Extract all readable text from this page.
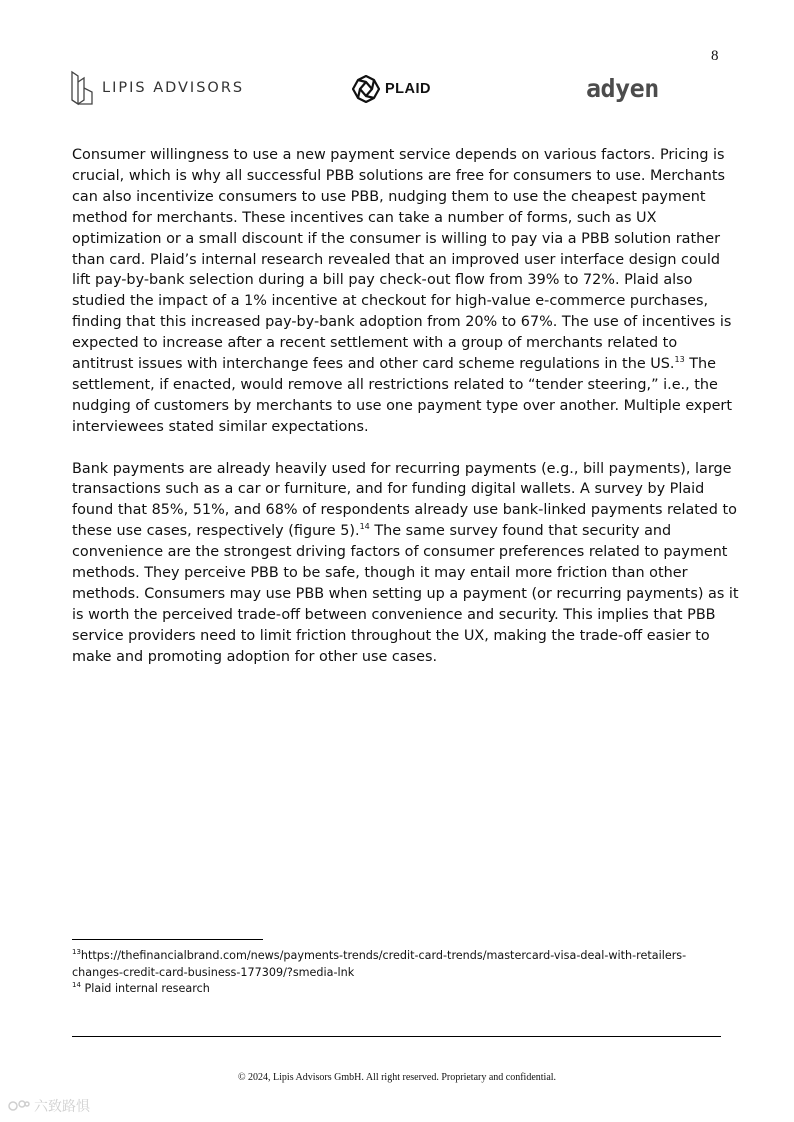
8
LIPIS ADVISORS	PLAID	adyen

Consumer willingness to use a new payment service depends on various factors. Pricing is
crucial, which is why all successful PBB solutions are free for consumers to use. Merchants
can also incentivize consumers to use PBB, nudging them to use the cheapest payment
method for merchants. These incentives can take a number of forms, such as UX
optimization or a small discount if the consumer is willing to pay via a PBB solution rather
than card. Plaid’s internal research revealed that an improved user interface design could
lift pay-by-bank selection during a bill pay check-out flow from 39% to 72%. Plaid also
studied the impact of a 1% incentive at checkout for high-value e-commerce purchases,
finding that this increased pay-by-bank adoption from 20% to 67%. The use of incentives is
expected to increase after a recent settlement with a group of merchants related to
antitrust issues with interchange fees and other card scheme regulations in the US.$^{13}$ The
settlement, if enacted, would remove all restrictions related to “tender steering,” i.e., the
nudging of customers by merchants to use one payment type over another. Multiple expert
interviewees stated similar expectations.

Bank payments are already heavily used for recurring payments (e.g., bill payments), large
transactions such as a car or furniture, and for funding digital wallets. A survey by Plaid
found that 85%, 51%, and 68% of respondents already use bank-linked payments related to
these use cases, respectively (figure 5).$^{14}$ The same survey found that security and
convenience are the strongest driving factors of consumer preferences related to payment
methods. They perceive PBB to be safe, though it may entail more friction than other
methods. Consumers may use PBB when setting up a payment (or recurring payments) as it
is worth the perceived trade-off between convenience and security. This implies that PBB
service providers need to limit friction throughout the UX, making the trade-off easier to
make and promoting adoption for other use cases.

$^{13}$https://thefinancialbrand.com/news/payments-trends/credit-card-trends/mastercard-visa-deal-with-retailers-
changes-credit-card-business-177309/?smedia-lnk
$^{14}$ Plaid internal research
© 2024, Lipis Advisors GmbH. All right reserved. Proprietary and confidential.
六致路惧
